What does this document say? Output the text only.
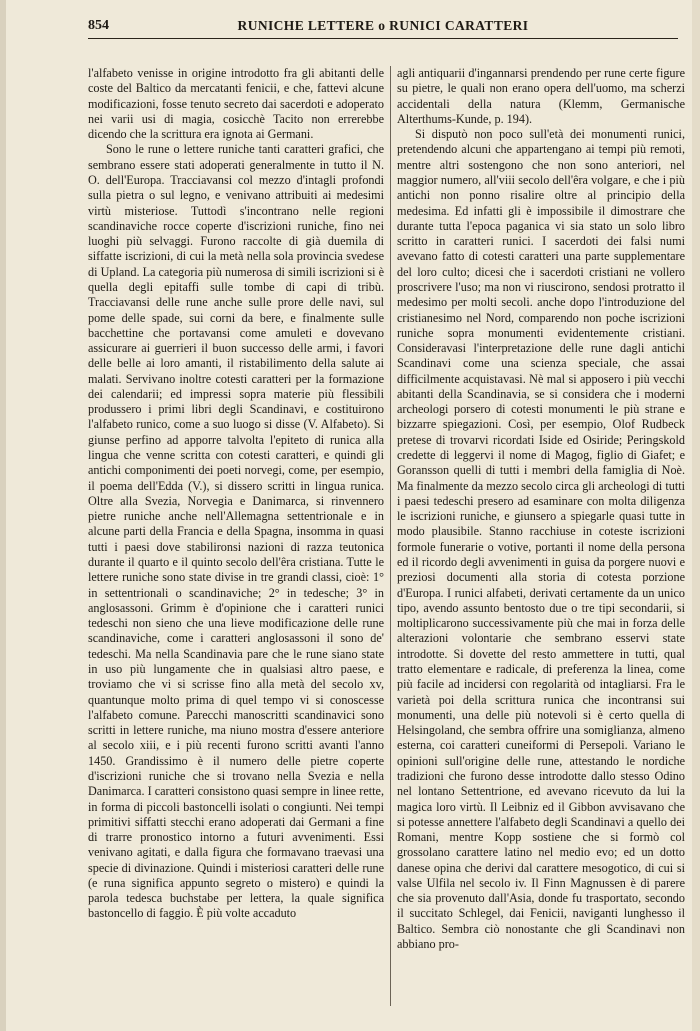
854	RUNICHE LETTERE o RUNICI CARATTERI

l'alfabeto venisse in origine introdotto fra gli abitanti delle coste del Baltico da mercatanti fenicii, e che, fattevi alcune modificazioni, fosse tenuto secreto dai sacerdoti e adoperato nei varii usi di magia, cosicchè Tacito non errerebbe dicendo che la scrittura era ignota ai Germani.

Sono le rune o lettere runiche tanti caratteri grafici, che sembrano essere stati adoperati generalmente in tutto il N. O. dell'Europa. Tracciavansi col mezzo d'intagli profondi sulla pietra o sul legno, e venivano attribuiti ai medesimi virtù misteriose. Tuttodì s'incontrano nelle regioni scandinaviche rocce coperte d'iscrizioni runiche, fino nei luoghi più selvaggi. Furono raccolte di già duemila di siffatte iscrizioni, di cui la metà nella sola provincia svedese di Upland. La categoria più numerosa di simili iscrizioni si è quella degli epitaffi sulle tombe di capi di tribù. Tracciavansi delle rune anche sulle prore delle navi, sul pome delle spade, sui corni da bere, e finalmente sulle bacchettine che portavansi come amuleti e dovevano assicurare ai guerrieri il buon successo delle armi, i favori delle belle ai loro amanti, il ristabilimento della salute ai malati. Servivano inoltre cotesti caratteri per la formazione dei calendarii; ed impressi sopra materie più flessibili produssero i primi libri degli Scandinavi, e costituirono l'alfabeto runico, come a suo luogo si disse (V. Alfabeto). Si giunse perfino ad apporre talvolta l'epiteto di runica alla lingua che venne scritta con cotesti caratteri, e quindi gli antichi componimenti dei poeti norvegi, come, per esempio, il poema dell'Edda (V.), si dissero scritti in lingua runica. Oltre alla Svezia, Norvegia e Danimarca, si rinvennero pietre runiche anche nell'Allemagna settentrionale e in alcune parti della Francia e della Spagna, insomma in quasi tutti i paesi dove stabilironsi nazioni di razza teutonica durante il quarto e il quinto secolo dell'êra cristiana. Tutte le lettere runiche sono state divise in tre grandi classi, cioè: 1° in settentrionali o scandinaviche; 2° in tedesche; 3° in anglosassoni. Grimm è d'opinione che i caratteri runici tedeschi non sieno che una lieve modificazione delle rune scandinaviche, come i caratteri anglosassoni il sono de' tedeschi. Ma nella Scandinavia pare che le rune siano state in uso più lungamente che in qualsiasi altro paese, e troviamo che vi si scrisse fino alla metà del secolo xv, quantunque molto prima di quel tempo vi si conoscesse l'alfabeto comune. Parecchi manoscritti scandinavici sono scritti in lettere runiche, ma niuno mostra d'essere anteriore al secolo xiii, e i più recenti furono scritti avanti l'anno 1450. Grandissimo è il numero delle pietre coperte d'iscrizioni runiche che si trovano nella Svezia e nella Danimarca. I caratteri consistono quasi sempre in linee rette, in forma di piccoli bastoncelli isolati o congiunti. Nei tempi primitivi siffatti stecchi erano adoperati dai Germani a fine di trarre pronostico intorno a futuri avvenimenti. Essi venivano agitati, e dalla figura che formavano traevasi una specie di divinazione. Quindi i misteriosi caratteri delle rune (e runa significa appunto segreto o mistero) e quindi la parola tedesca buchstabe per lettera, la quale significa bastoncello di faggio. È più volte accaduto

agli antiquarii d'ingannarsi prendendo per rune certe figure su pietre, le quali non erano opera dell'uomo, ma scherzi accidentali della natura (Klemm, Germanische Alterthums-Kunde, p. 194).

Si disputò non poco sull'età dei monumenti runici, pretendendo alcuni che appartengano ai tempi più remoti, mentre altri sostengono che non sono anteriori, nel maggior numero, all'viii secolo dell'êra volgare, e che i più antichi non ponno risalire oltre al principio della medesima. Ed infatti gli è impossibile il dimostrare che durante tutta l'epoca paganica vi sia stato un solo libro scritto in caratteri runici. I sacerdoti dei falsi numi avevano fatto di cotesti caratteri una parte supplementare del loro culto; dicesi che i sacerdoti cristiani ne vollero proscrivere l'uso; ma non vi riuscirono, sendosi protratto il medesimo per molti secoli. anche dopo l'introduzione del cristianesimo nel Nord, comparendo non poche iscrizioni runiche sopra monumenti evidentemente cristiani. Consideravasi l'interpretazione delle rune dagli antichi Scandinavi come una scienza speciale, che assai difficilmente acquistavasi. Nè mal si apposero i più vecchi abitanti della Scandinavia, se si considera che i moderni archeologi porsero di cotesti monumenti le più strane e bizzarre spiegazioni. Così, per esempio, Olof Rudbeck pretese di trovarvi ricordati Iside ed Osiride; Peringskold credette di leggervi il nome di Magog, figlio di Giafet; e Goransson quelli di tutti i membri della famiglia di Noè. Ma finalmente da mezzo secolo circa gli archeologi di tutti i paesi tedeschi presero ad esaminare con molta diligenza le iscrizioni runiche, e giunsero a spiegarle quasi tutte in modo plausibile. Stanno racchiuse in coteste iscrizioni formole funerarie o votive, portanti il nome della persona ed il ricordo degli avvenimenti in guisa da porgere nuovi e preziosi documenti alla storia di cotesta porzione d'Europa. I runici alfabeti, derivati certamente da un unico tipo, avendo assunto bentosto due o tre tipi secondarii, si moltiplicarono successivamente più che mai in forza delle alterazioni volontarie che sembrano esservi state introdotte. Si dovette del resto ammettere in tutti, qual tratto elementare e radicale, di preferenza la linea, come più facile ad incidersi con regolarità od intagliarsi. Fra le varietà poi della scrittura runica che incontransi sui monumenti, una delle più notevoli si è certo quella di Helsingoland, che sembra offrire una somiglianza, almeno esterna, coi caratteri cuneiformi di Persepoli. Variano le opinioni sull'origine delle rune, attestando le nordiche tradizioni che furono desse introdotte dallo stesso Odino nel lontano Settentrione, ed avevano ricevuto da lui la magica loro virtù. Il Leibniz ed il Gibbon avvisavano che si potesse annettere l'alfabeto degli Scandinavi a quello dei Romani, mentre Kopp sostiene che si formò col grossolano carattere latino nel medio evo; ed un dotto danese opina che derivi dal carattere mesogotico, di cui si valse Ulfila nel secolo iv. Il Finn Magnussen è di parere che sia provenuto dall'Asia, donde fu trasportato, secondo il succitato Schlegel, dai Fenicii, naviganti lunghesso il Baltico. Sembra ciò nonostante che gli Scandinavi non abbiano pro-
